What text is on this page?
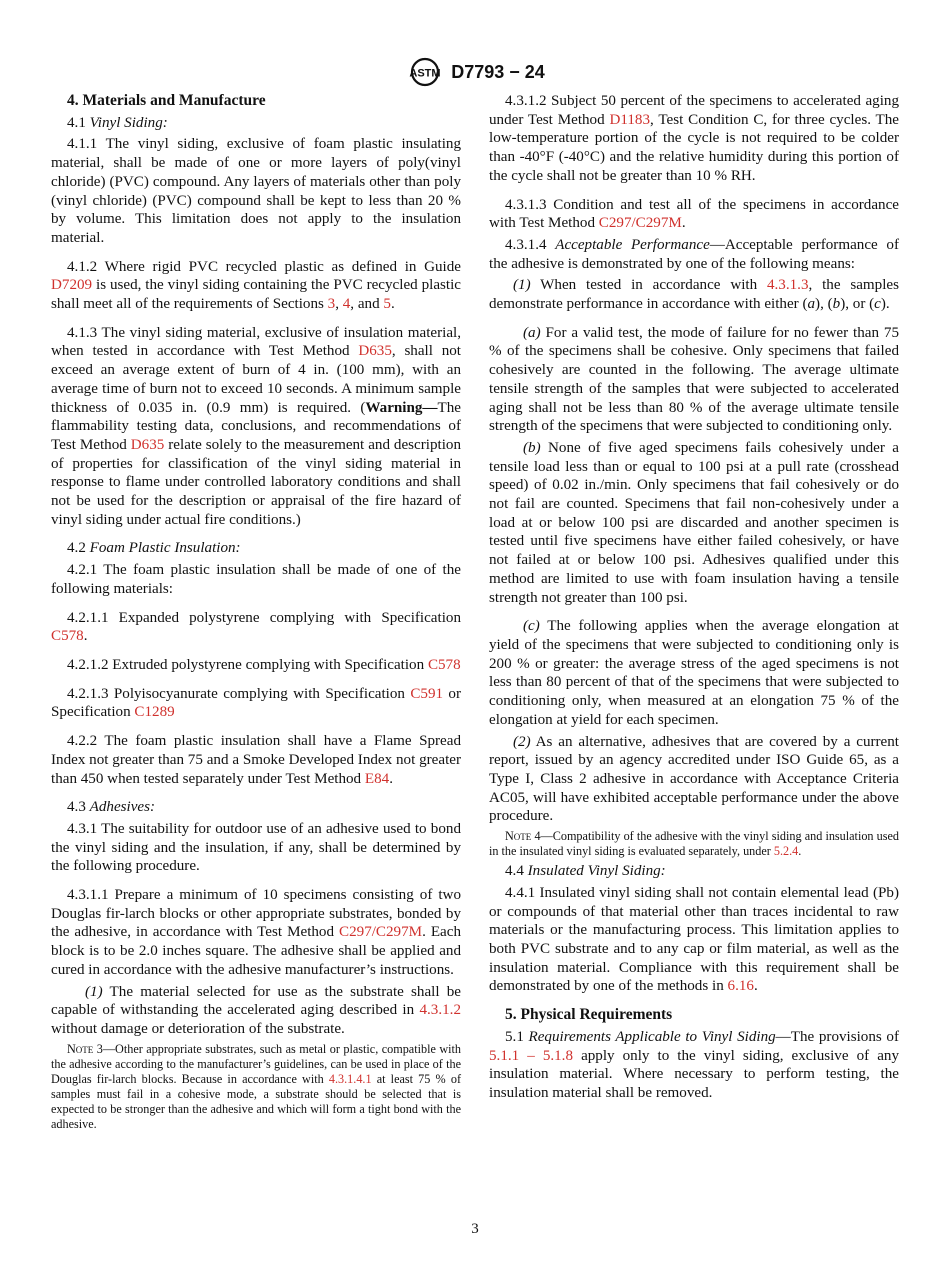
ASTM D7793 − 24

4. Materials and Manufacture

4.1 Vinyl Siding:

4.1.1 The vinyl siding, exclusive of foam plastic insulating material, shall be made of one or more layers of poly(vinyl chloride) (PVC) compound. Any layers of materials other than poly (vinyl chloride) (PVC) compound shall be kept to less than 20 % by volume. This limitation does not apply to the insulation material.

4.1.2 Where rigid PVC recycled plastic as defined in Guide D7209 is used, the vinyl siding containing the PVC recycled plastic shall meet all of the requirements of Sections 3, 4, and 5.

4.1.3 The vinyl siding material, exclusive of insulation material, when tested in accordance with Test Method D635, shall not exceed an average extent of burn of 4 in. (100 mm), with an average time of burn not to exceed 10 seconds. A minimum sample thickness of 0.035 in. (0.9 mm) is required. (Warning—The flammability testing data, conclusions, and recommendations of Test Method D635 relate solely to the measurement and description of properties for classification of the vinyl siding material in response to flame under controlled laboratory conditions and shall not be used for the description or appraisal of the fire hazard of vinyl siding under actual fire conditions.)

4.2 Foam Plastic Insulation:

4.2.1 The foam plastic insulation shall be made of one of the following materials:

4.2.1.1 Expanded polystyrene complying with Specification C578.

4.2.1.2 Extruded polystyrene complying with Specification C578

4.2.1.3 Polyisocyanurate complying with Specification C591 or Specification C1289

4.2.2 The foam plastic insulation shall have a Flame Spread Index not greater than 75 and a Smoke Developed Index not greater than 450 when tested separately under Test Method E84.

4.3 Adhesives:

4.3.1 The suitability for outdoor use of an adhesive used to bond the vinyl siding and the insulation, if any, shall be determined by the following procedure.

4.3.1.1 Prepare a minimum of 10 specimens consisting of two Douglas fir-larch blocks or other appropriate substrates, bonded by the adhesive, in accordance with Test Method C297/C297M. Each block is to be 2.0 inches square. The adhesive shall be applied and cured in accordance with the adhesive manufacturer’s instructions.

(1) The material selected for use as the substrate shall be capable of withstanding the accelerated aging described in 4.3.1.2 without damage or deterioration of the substrate.

Note 3—Other appropriate substrates, such as metal or plastic, compatible with the adhesive according to the manufacturer’s guidelines, can be used in place of the Douglas fir-larch blocks. Because in accordance with 4.3.1.4.1 at least 75 % of samples must fail in a cohesive mode, a substrate should be selected that is expected to be stronger than the adhesive and which will form a tight bond with the adhesive.

4.3.1.2 Subject 50 percent of the specimens to accelerated aging under Test Method D1183, Test Condition C, for three cycles. The low-temperature portion of the cycle is not required to be colder than -40°F (-40°C) and the relative humidity during this portion of the cycle shall not be greater than 10 % RH.

4.3.1.3 Condition and test all of the specimens in accordance with Test Method C297/C297M.

4.3.1.4 Acceptable Performance—Acceptable performance of the adhesive is demonstrated by one of the following means:

(1) When tested in accordance with 4.3.1.3, the samples demonstrate performance in accordance with either (a), (b), or (c).

(a) For a valid test, the mode of failure for no fewer than 75 % of the specimens shall be cohesive. Only specimens that failed cohesively are counted in the following. The average ultimate tensile strength of the samples that were subjected to accelerated aging shall not be less than 80 % of the average ultimate tensile strength of the specimens that were subjected to conditioning only.

(b) None of five aged specimens fails cohesively under a tensile load less than or equal to 100 psi at a pull rate (crosshead speed) of 0.02 in./min. Only specimens that fail cohesively or do not fail are counted. Specimens that fail non-cohesively under a load at or below 100 psi are discarded and another specimen is tested until five specimens have either failed cohesively, or have not failed at or below 100 psi. Adhesives qualified under this method are limited to use with foam insulation having a tensile strength not greater than 100 psi.

(c) The following applies when the average elongation at yield of the specimens that were subjected to conditioning only is 200 % or greater: the average stress of the aged specimens is not less than 80 percent of that of the specimens that were subjected to conditioning only, when measured at an elongation 75 % of the elongation at yield for each specimen.

(2) As an alternative, adhesives that are covered by a current report, issued by an agency accredited under ISO Guide 65, as a Type I, Class 2 adhesive in accordance with Acceptance Criteria AC05, will have exhibited acceptable performance under the above procedure.

Note 4—Compatibility of the adhesive with the vinyl siding and insulation used in the insulated vinyl siding is evaluated separately, under 5.2.4.

4.4 Insulated Vinyl Siding:

4.4.1 Insulated vinyl siding shall not contain elemental lead (Pb) or compounds of that material other than traces incidental to raw materials or the manufacturing process. This limitation applies to both PVC substrate and to any cap or film material, as well as the insulation material. Compliance with this requirement shall be demonstrated by one of the methods in 6.16.

5. Physical Requirements

5.1 Requirements Applicable to Vinyl Siding—The provisions of 5.1.1 – 5.1.8 apply only to the vinyl siding, exclusive of any insulation material. Where necessary to perform testing, the insulation material shall be removed.

3
